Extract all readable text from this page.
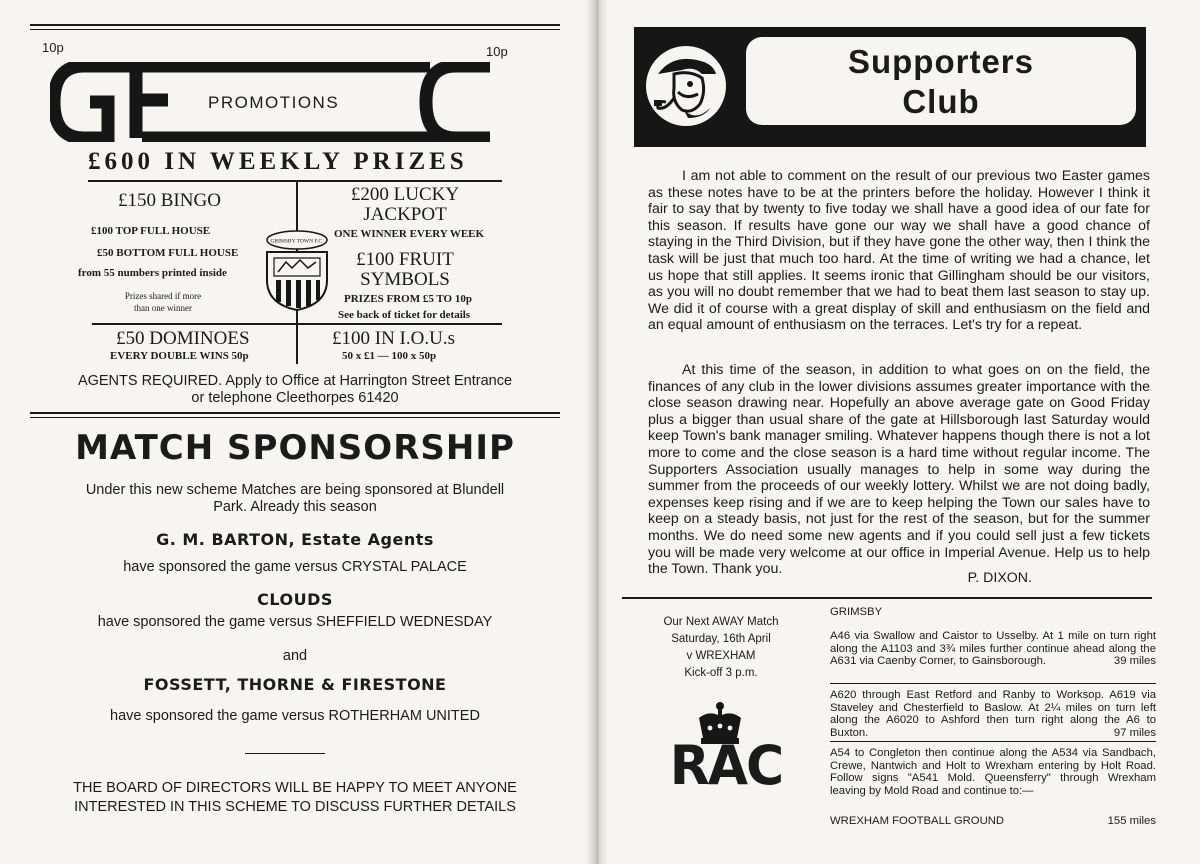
10p	10p
PROMOTIONS
£600 IN WEEKLY PRIZES
£150 BINGO
£100 TOP FULL HOUSE
£50 BOTTOM FULL HOUSE
from 55 numbers printed inside
Prizes shared if more
than one winner
£200 LUCKY
JACKPOT
ONE WINNER EVERY WEEK
£100 FRUIT
SYMBOLS
PRIZES FROM £5 TO 10p
See back of ticket for details
£50 DOMINOES
EVERY DOUBLE WINS 50p
£100 IN I.O.U.s
50 x £1 — 100 x 50p
GRIMSBY TOWN F.C.
AGENTS REQUIRED. Apply to Office at Harrington Street Entrance
or telephone Cleethorpes 61420
MATCH SPONSORSHIP
Under this new scheme Matches are being sponsored at Blundell
Park. Already this season
G. M. BARTON, Estate Agents
have sponsored the game versus CRYSTAL PALACE
CLOUDS
have sponsored the game versus SHEFFIELD WEDNESDAY
and
FOSSETT, THORNE & FIRESTONE
have sponsored the game versus ROTHERHAM UNITED
THE BOARD OF DIRECTORS WILL BE HAPPY TO MEET ANYONE
INTERESTED IN THIS SCHEME TO DISCUSS FURTHER DETAILS
Supporters
Club
I am not able to comment on the result of our previous two Easter games as these notes have to be at the printers before the holiday. However I think it fair to say that by twenty to five today we shall have a good idea of our fate for this season. If results have gone our way we shall have a good chance of staying in the Third Division, but if they have gone the other way, then I think the task will be just that much too hard. At the time of writing we had a chance, let us hope that still applies. It seems ironic that Gillingham should be our visitors, as you will no doubt remember that we had to beat them last season to stay up. We did it of course with a great display of skill and enthusiasm on the field and an equal amount of enthusiasm on the terraces. Let's try for a repeat.
At this time of the season, in addition to what goes on on the field, the finances of any club in the lower divisions assumes greater importance with the close season drawing near. Hopefully an above average gate on Good Friday plus a bigger than usual share of the gate at Hillsborough last Saturday would keep Town's bank manager smiling. Whatever happens though there is not a lot more to come and the close season is a hard time without regular income. The Supporters Association usually manages to help in some way during the summer from the proceeds of our weekly lottery. Whilst we are not doing badly, expenses keep rising and if we are to keep helping the Town our sales have to keep on a steady basis, not just for the rest of the season, but for the summer months. We do need some new agents and if you could sell just a few tickets you will be made very welcome at our office in Imperial Avenue. Help us to help the Town. Thank you.
P. DIXON.
Our Next AWAY Match
Saturday, 16th April
v WREXHAM
Kick-off 3 p.m.
RAC
GRIMSBY
A46 via Swallow and Caistor to Usselby. At 1 mile on turn right along the A1103 and 3¾ miles further continue ahead along the A631 via Caenby Corner, to Gainsborough.	39 miles
A620 through East Retford and Ranby to Worksop. A619 via Staveley and Chesterfield to Baslow. At 2¼ miles on turn left along the A6020 to Ashford then turn right along the A6 to Buxton.	97 miles
A54 to Congleton then continue along the A534 via Sandbach, Crewe, Nantwich and Holt to Wrexham entering by Holt Road. Follow signs "A541 Mold. Queensferry" through Wrexham leaving by Mold Road and continue to:—
WREXHAM FOOTBALL GROUND	155 miles
